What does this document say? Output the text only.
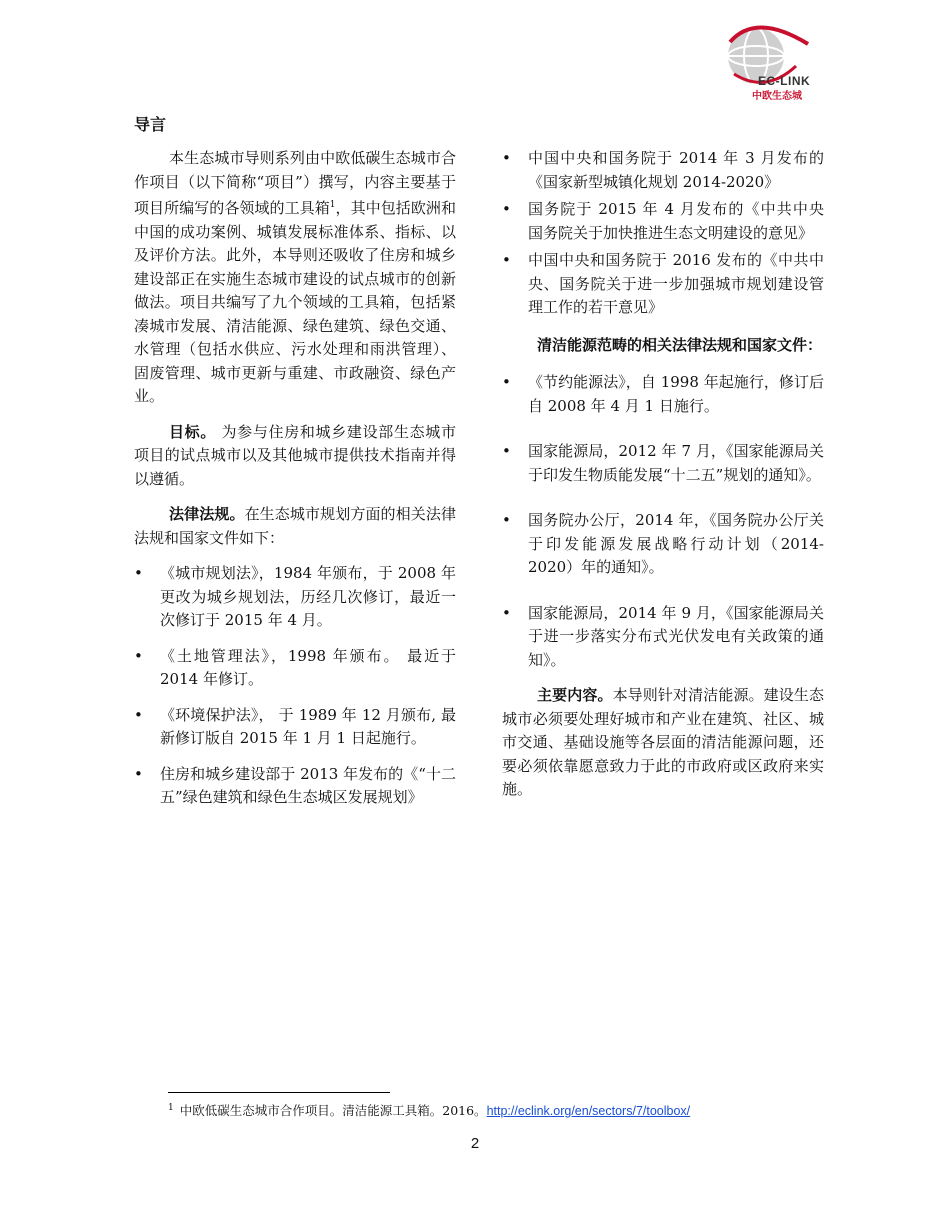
EC-LINK
中欧生态城
导言

本生态城市导则系列由中欧低碳生态城市合作项目（以下简称“项目”）撰写，内容主要基于项目所编写的各领域的工具箱$^1$，其中包括欧洲和中国的成功案例、城镇发展标准体系、指标、以及评价方法。此外，本导则还吸收了住房和城乡建设部正在实施生态城市建设的试点城市的创新做法。项目共编写了九个领域的工具箱，包括紧凑城市发展、清洁能源、绿色建筑、绿色交通、水管理（包括水供应、污水处理和雨洪管理）、固废管理、城市更新与重建、市政融资、绿色产业。

目标。 为参与住房和城乡建设部生态城市项目的试点城市以及其他城市提供技术指南并得以遵循。

法律法规。在生态城市规划方面的相关法律法规和国家文件如下：

• 《城市规划法》，1984 年颁布，于 2008 年更改为城乡规划法，历经几次修订，最近一次修订于 2015 年 4 月。
• 《土地管理法》，1998 年颁布。 最近于 2014 年修订。
• 《环境保护法》， 于 1989 年 12 月颁布, 最新修订版自 2015 年 1 月 1 日起施行。
• 住房和城乡建设部于 2013 年发布的《“十二五”绿色建筑和绿色生态城区发展规划》
• 中国中央和国务院于 2014 年 3 月发布的《国家新型城镇化规划 2014-2020》
• 国务院于 2015 年 4 月发布的《中共中央 国务院关于加快推进生态文明建设的意见》
• 中国中央和国务院于 2016 发布的《中共中央、国务院关于进一步加强城市规划建设管理工作的若干意见》

清洁能源范畴的相关法律法规和国家文件：

• 《节约能源法》，自 1998 年起施行，修订后自 2008 年 4 月 1 日施行。
• 国家能源局，2012 年 7 月，《国家能源局关于印发生物质能发展“十二五”规划的通知》。
• 国务院办公厅，2014 年，《国务院办公厅关于印发能源发展战略行动计划（2014-2020）年的通知》。
• 国家能源局，2014 年 9 月，《国家能源局关于进一步落实分布式光伏发电有关政策的通知》。

主要内容。本导则针对清洁能源。建设生态城市必须要处理好城市和产业在建筑、社区、城市交通、基础设施等各层面的清洁能源问题，还要必须依靠愿意致力于此的市政府或区政府来实施。

$^1$ 中欧低碳生态城市合作项目。清洁能源工具箱。2016。http://eclink.org/en/sectors/7/toolbox/
2
